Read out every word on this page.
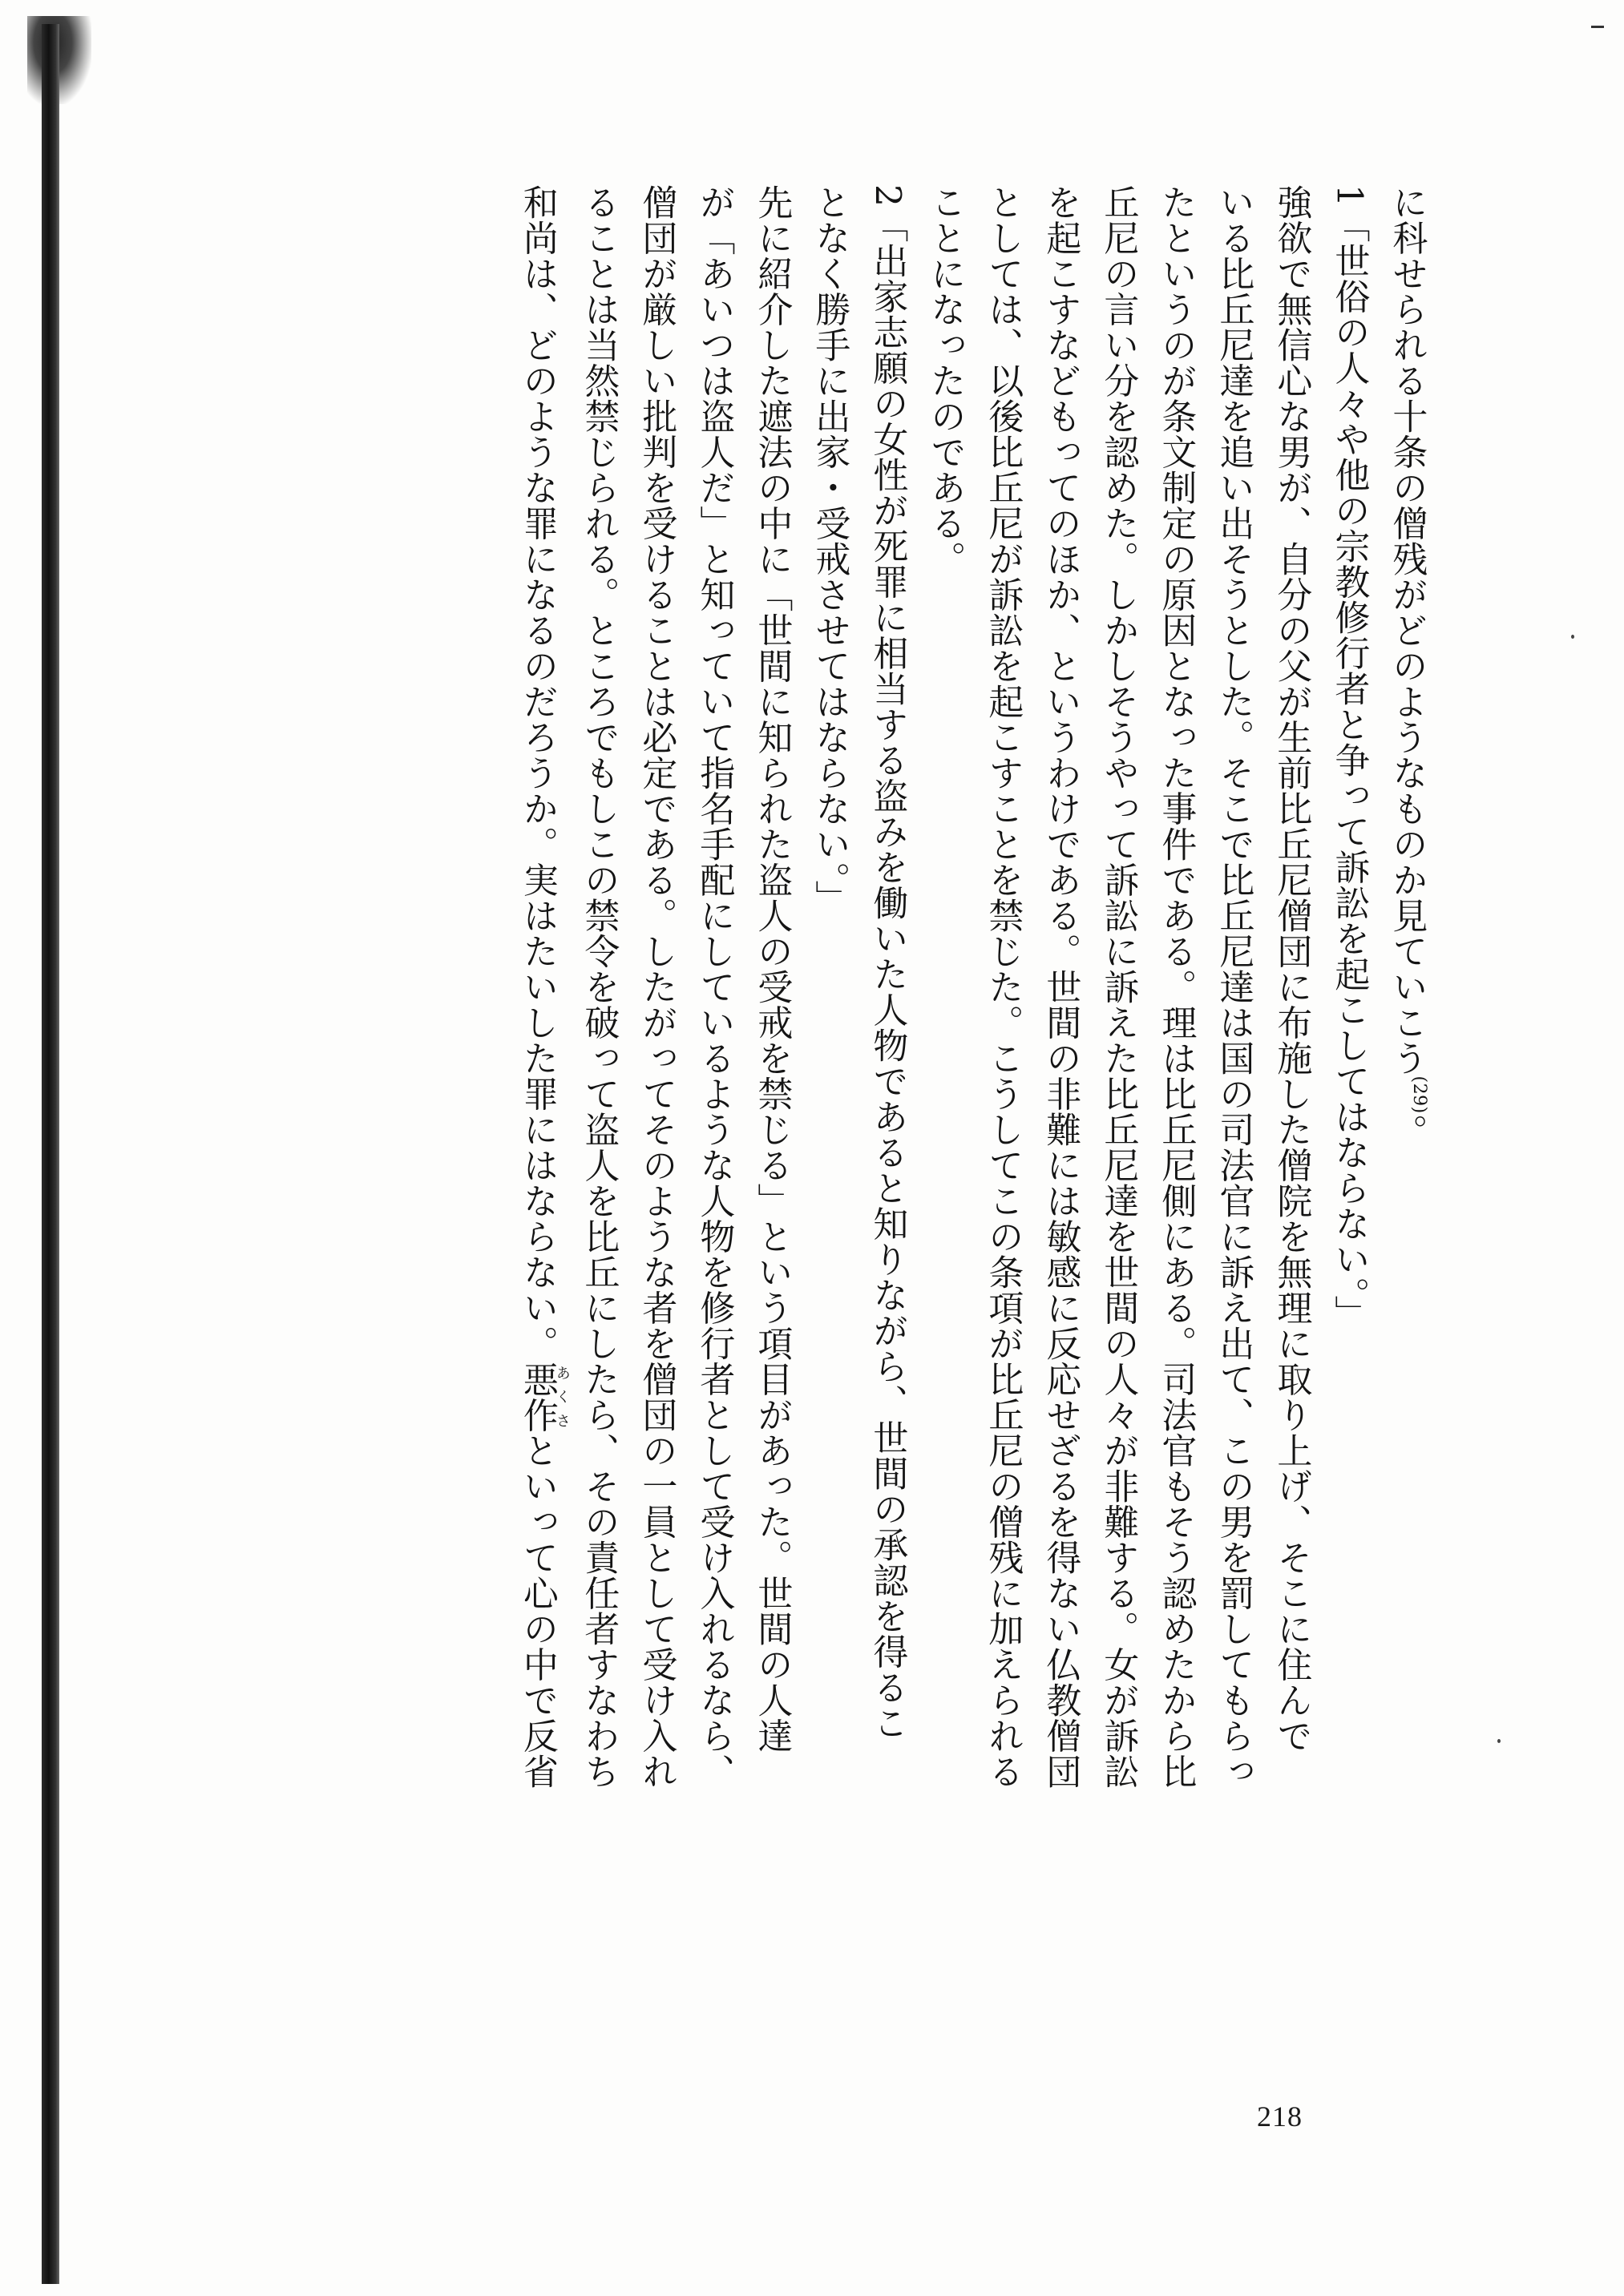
に科せられる十条の僧残がどのようなものか見ていこう$^{(29)}$。
1「世俗の人々や他の宗教修行者と争って訴訟を起こしてはならない。」
強欲で無信心な男が、自分の父が生前比丘尼僧団に布施した僧院を無理に取り上げ、そこに住んで
いる比丘尼達を追い出そうとした。そこで比丘尼達は国の司法官に訴え出て、この男を罰してもらっ
たというのが条文制定の原因となった事件である。理は比丘尼側にある。司法官もそう認めたから比
丘尼の言い分を認めた。しかしそうやって訴訟に訴えた比丘尼達を世間の人々が非難する。女が訴訟
を起こすなどもってのほか、というわけである。世間の非難には敏感に反応せざるを得ない仏教僧団
としては、以後比丘尼が訴訟を起こすことを禁じた。こうしてこの条項が比丘尼の僧残に加えられる
ことになったのである。
2「出家志願の女性が死罪に相当する盗みを働いた人物であると知りながら、世間の承認を得るこ
となく勝手に出家・受戒させてはならない。」
先に紹介した遮法の中に「世間に知られた盗人の受戒を禁じる」という項目があった。世間の人達
が「あいつは盗人だ」と知っていて指名手配にしているような人物を修行者として受け入れるなら、
僧団が厳しい批判を受けることは必定である。したがってそのような者を僧団の一員として受け入れ
ることは当然禁じられる。ところでもしこの禁令を破って盗人を比丘にしたら、その責任者すなわち
和尚は、どのような罪になるのだろうか。実はたいした罪にはならない。悪作あくさといって心の中で反省
218
